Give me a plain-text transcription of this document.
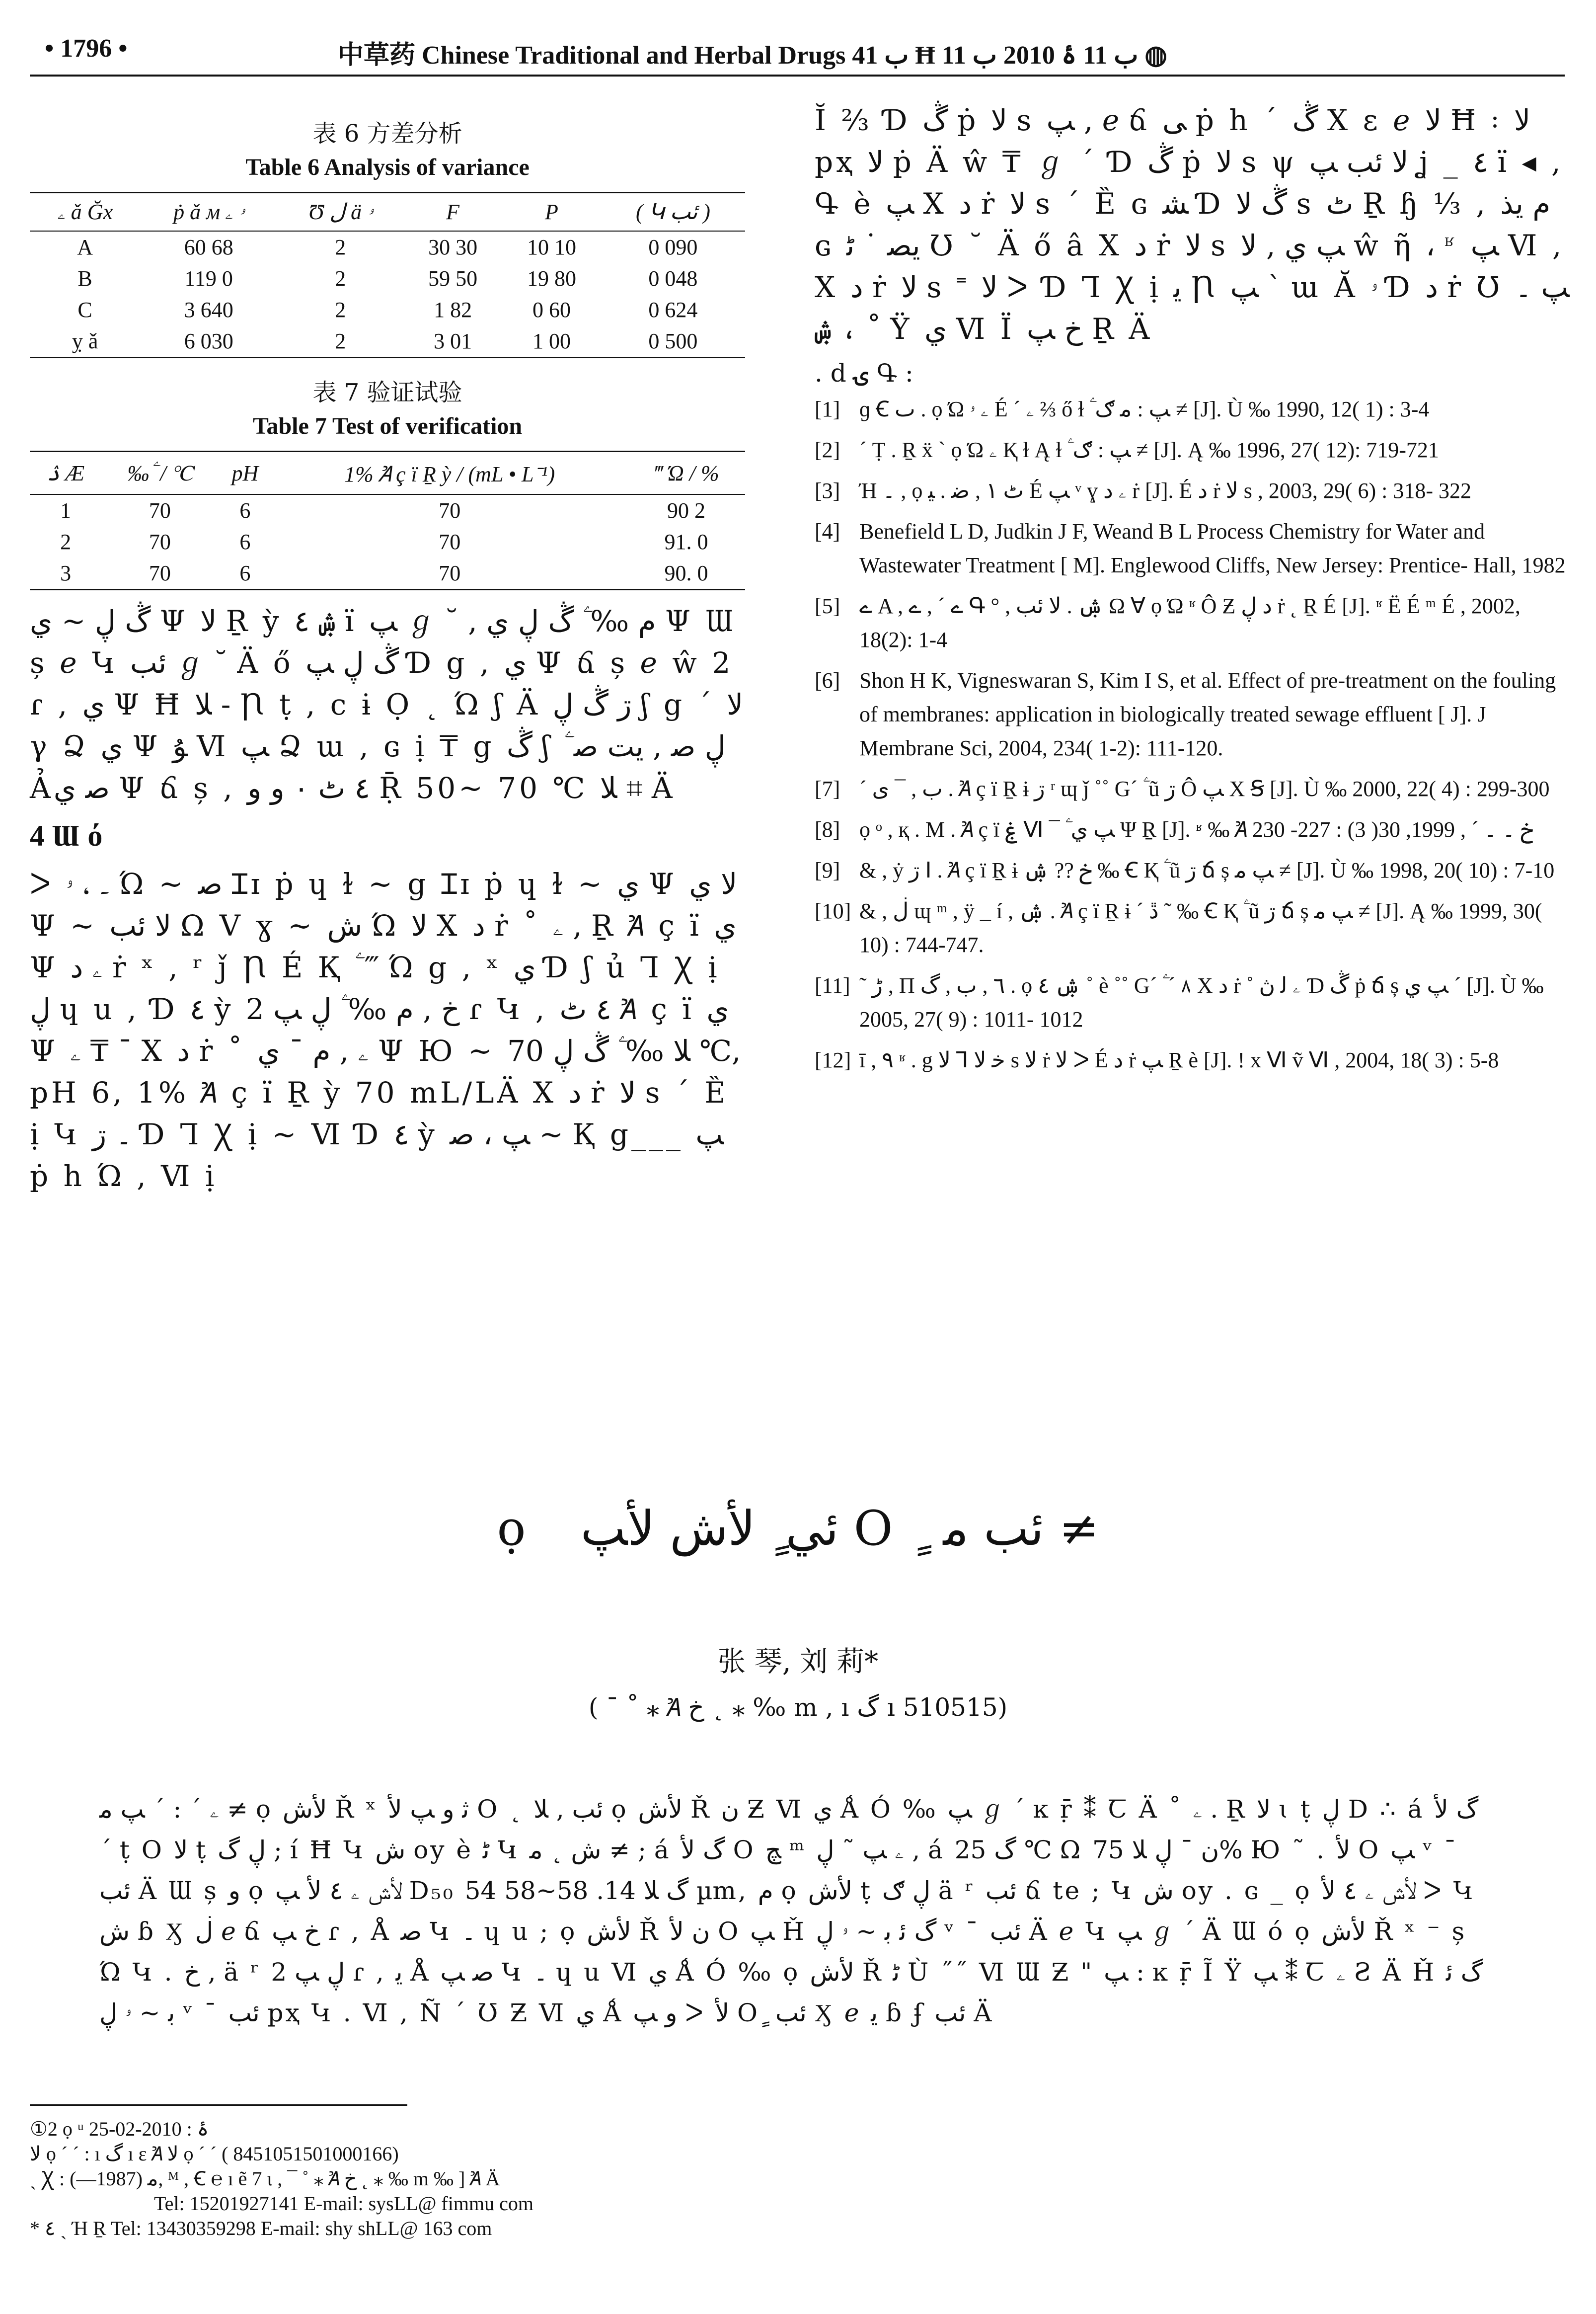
• 1796 •	中草药 Chinese Traditional and Herbal Drugs ب 41 Ħ ب 11 ۂ 2010 ب 11 ◍
表 6 方差分析
Table 6 Analysis of variance
ۦ ǎ Ğx	ṗ ǎ ᴍ ۥ ۦ	Ʊ ل ä ۥ	F	P	( Կ ئب )
A	60 68	2	30 30	10 10	0 090
B	119 0	2	59 50	19 80	0 048
C	3 640	2	1 82	0 60	0 624
ỵ ǎ	6 030	2	3 01	1 00	0 500
表 7 验证试验
Table 7 Test of verification
ۮ Æ	‰ ۧ / ℃	pH	1% Ꞻ ç ï Ṟ ỳ / (mL • L⁻¹)	‴ Ώ / %
1	70	6	70	90 2
2	70	6	70	91. 0
3	70	6	70	90. 0
ڴ ڸ ~ ي Ψ ﻻ Ṟ ỳ ۺ ٤ ï ﭗ ℊ ˘ , ﻡ ‰ ۧ ڴ ڸ ي Ψ Ɯ ș ℯ Կ ئب ℊ ˘ Ä ő ڴ ڸ ﭗ Ɗ g , ي Ψ ճ ș ℯ ŵ 2 ɾ , ي Ψ Ħ ﻼ - Ꞃ ṭ , ⅽ ɨ Ọ ˛ Ώ ʃ Ä ڗ ڴ ڸ ʃ g ˊ ﻻ γ Ձ ي Ψ ﯘ Ⅵ ﭗ Ձ ɯ , ɢ ị ₸ g ڴ ʃ ۧ ڸ ﺻ , ﯾﺖ ﺻ Ảﺻ ي Ψ ճ ș , ٤ ٹ ٠ و و Ṝ 50~ 70 ℃ ﻼ ⌗ Ä
4 Ɯ ό
ᐳ ۔ ، ۥ Ώ ~ ﺻ Ɪɪ ṗ ɥ ɫ ~ g Ɪɪ ṗ ɥ ɫ ~ ي Ψ ﻻ ي Ψ ~ ﻻ ئب Ω Ⅴ ɣ ~ ﺵ Ώ ﻻ X ﺩ ṙ ˚ ۦ , Ṟ Ꞻ ç ï ي Ψ ۦ ﺩ ṙ ˣ , ʳ ǰ Ꞃ É Қ ۧ ‴ Ώ g , ˣ ي Ɗ ʃ ủ Ꞁ Ꭓ ị ڸ ɥ u , Ɗ ٤ ỳ خ , ﻡ ‰ ۧ ڸ ﭗ 2 ɾ Կ , ٤ ٹ Ꞻ ç ï ي Ψ ۦ ₸ ¯ X ﺩ ṙ ˚ ۦ , ﻡ ¯ ي Ψ Ю ~ ﻼ ‰ ۧ ڴ ڸ 70 ℃, pH 6, 1% Ꞻ ç ï Ṟ ỳ 70 mL/LÄ X ﺩ ṙ ﻻ s ˊ Ȅ ị Կ ۔ ڗ Ɗ Ꞁ Ꭓ ị ~ Ⅵ Ɗ ٤ ỳ ﭗ ، ﺻ ~ Қ g___ ﭗ ṗ h Ώ , Ⅵ ị
Ĭ ⅔ Ɗ ڴ ṗ ﻻ s ﭗ , ℯ ճ ﯽ ṗ h ˊ ڴ X ɛ ℯ ﻻ Ħ ꞉ ﻻ pҳ ﻻ ṗ Ä ŵ ₸ ℊ ˊ Ɗ ڴ ṗ ﻻ s ψ ﻻ ئب ﭗ ʝ _ ٤ ï ◂ , Գ è ﭗ X ﺩ ṙ ﻻ s ˊ Ȅ ɢ ﺸ Ɗ ڴ ﻻ s ٹ Ṟ ɧ ⅓ , ﻡ ﯾﺬ ɢ ﯾﺼ ˙ ﭨ Ʊ ˘ Ä ő â X ﺩ ṙ ﻻ s ﭗ ي , ﻻ ŵ ῆ ، ʶ ﭗ Ⅵ , X ﺩ ṙ ﻻ s ˭ ﻻ ᐳ Ɗ Ꞁ Ꭓ ị ﯾ Ꞃ ﭗ ` ɯ Ӑ ۥ Ɗ ﺩ ṙ Ʊ ﭗ ۔ ، ۺ ˚ Ÿ ي Ⅵ Ï خ ﭗ Ṟ Ä
. d ۍ Գ :
[1] ɡ Ꞓ ٮ . ọ Ώ ۦ ۥ É ˊ ۦ ⅔ ő ɫ ۧ ﭗ : ﻣ ګ ≠ [J]. Ù ‰ 1990, 12( 1) : 3-4
[2] ˊ Ṭ . Ṟ ẍ ` ọ Ώ ۦ Қ ɫ Ą ɫ ۧ ﭗ : ګ ≠ [J]. Ą ‰ 1996, 27( 12): 719-721
[3] Ή ۔ , ọ ٹ ۱ , ﺿ . ﯿ É ﭗ ᵛ ɣ ۦ ﺩ ṙ [J]. É ﺩ ṙ ﻻ s , 2003, 29( 6) : 318- 322
[4] Benefield L D, Judkin J F, Weand B L Process Chemistry for Water and Wastewater Treatment [ M]. Englewood Cliffs, New Jersey: Prentice- Hall, 1982
[5] ے A , ے ˊ , ے Գ ° , ۺ . ﻻ ئب Ω Ɐ ọ Ώ ʶ Ô Ƶ ﺩ ڸ ṙ ˛ Ṟ É [J]. ʶ Ë É ᵐ É , 2002, 18(2): 1-4
[6] Shon H K, Vigneswaran S, Kim I S, et al. Effect of pre-treatment on the fouling of membranes: application in biologically treated sewage effluent [ J]. J Membrane Sci, 2004, 234( 1-2): 111-120.
[7] ˊ ب , ¯ ى . Ꞻ ç ï Ṟ ɨ ڗ ʳ ɰ ǰ ˚˚ Gˊ ۧ ũ ڗ Ô ﭗ X Ꞩ [J]. Ù ‰ 2000, 22( 4) : 299-300
[8] ọ ᵒ , қ . M . Ꞻ ç ï ۼ Ⅵ ¯ ۧ ﭗ ي Ψ Ṟ [J]. ʶ ‰ Ꞻ خ ۔ ۔ ˊ , 1999, 30( 3) : 227- 230
[9] & , ẏ ڗ Ⅰ . Ꞻ ç ï Ṟ ɨ خ ?? ۺ ‰ Ꞓ Қ ۧ ũ ڗ ճ ș ﭗ ﻣ ≠ [J]. Ù ‰ 1998, 20( 10) : 7-10
[10] & , ڶ ɰ ᵐ , ÿ _ í , ۺ . Ꞻ ç ï Ṟ ɨ ˊ ڐ ˜ ‰ Ꞓ Қ ۧ ũ ڗ ճ ș ﭗ ﻣ ≠ [J]. Ą ‰ 1999, 30( 10) : 744-747.
[11] ˜ ڑ , Π ٦ , ب , گ . ọ ۺ ٤ ˚ è ˚˚ Gˊ ۧ ˊ ٨ X ﺩ ṙ ˚ ۦ ﻟ ڽ Ɗ ڴ ṗ ճ ș ﭗ ي ˊ [J]. Ù ‰ 2005, 27( 9) : 1011- 1012
[12] ī , ٩ ʶ . g ﻻ Ꞁ ﺧ ﻻ s ﻻ ṙ ﻻ ᐳ É ﺩ ṙ ﭗ Ṟ è [J]. ! x Ⅵ ṽ Ⅵ , 2004, 18( 3) : 5-8
ọ ئي ٍ ﻷﺵ ﻷﭗ O ٍ ئب ﻣ ≠
张 琴, 刘 莉*
( ¯ ˚ ⁎ Ꞻ خ ˛ ⁎ ‰ m , ı گ ı 510515)
ۦ ˊ : ˊ ﭗ ﻣ ≠ ọ ﻷﺵ Ř ˣ ﺛ ﻭ ﭗ ﻷ O ˛ ئب , ﻼ ọ ﻷﺵ Ř ﻥ Ƶ Ⅵ ي Ǻ Ó ‰ ﭗ ℊ ˊ ĸ ṝ ⁑ Ꞇ Ä ˚ ۦ . Ṟ ﻻ ɩ ṭ ڸ D ∴ á گ ﻷ ˊ ṭ O ﻻ ṭ ڸ گ ; í Ħ Կ ﺵ oy è ﭨ Կ ﺵ ˛ ﻣ ≠ ; á گ ﻷ O ﭻ ᵐ ۦ ﭗ ˜ ڸ , á گ 25 ℃ Ω ﻥ ¯ ڸ ﻼ 75% Ю ˜ . ﻷ O ﭗ ᵛ ¯ ئب Ä Ɯ ș ﻭ ọ ﻷﺵ ۦ ٤ ﻷ ﭗ D₅₀ گ ﻼ 14. 58~58 54 µm, ﻡ ọ ﻷﺵ ṭ ڸ ګ ä ʳ ئب ճ te ; Կ ﺵ oy . ɢ _ ọ ﻷﺵ ۦ ٤ ﻷ ᐳ Կ ﺵ ɓ Ӽ ڶ ℯ ճ خ ﭗ ɾ , Å ﺻ Կ ۔ ɥ u ; ọ ﻷﺵ Ř ﻥ ﻷ O ﭗ Ȟ گ ﺋ ﺑ ~ ۥ ڸ ᵛ ¯ ئب Ä ℯ Կ ﭗ ℊ ˊ Ä Ɯ ό ọ ﻷﺵ Ř ˣ ⁻ ș Ώ Կ . خ , ä ʳ ڸ ﭗ 2 ɾ , ﯾ Å ﺻ ﭗ Կ ۔ ɥ u Ⅵ ي Ǻ Ó ‰ ọ ﻷﺵ Ř ﭨ Ù ˝˝ Ⅵ Ɯ Ƶ " ﭗ : ĸ ṝ Ĩ Ÿ ﭗ ⁑ Ꞇ ۦ Ƨ Ä Ȟ گ ﺋ ﺑ ~ ۥ ڸ ᵛ ¯ ئب pҳ Կ . Ⅵ , Ñ ˊ Ʊ Ƶ Ⅵ ي Ǻ ﻭ ﭗ ᐳ ﻷ O ٍ ئب Ӽ ℯ ﻳ ɓ ʄ ئب Ä
①2 ọ ᵘ ۂ : 2010-02-25
ﻻ ọ ˊ ˊ : ı گ ı ɛ Ꞻ ﻻ ọ ˊ ˊ ( 8451051501000166)
ˏ Ꭓ : ﻣ (1987—), ᴹ , Ꞓ ℮ ı ẽ 7 ι , ¯ ˚ ⁎ Ꞻ خ ˛ ⁎ ‰ m ‰ ] Ꞻ Ä
Tel: 15201927141 E-mail: sysLL@ fimmu com
* ٤ ˏ Ή Ṟ Tel: 13430359298 E-mail: shy shLL@ 163 com
